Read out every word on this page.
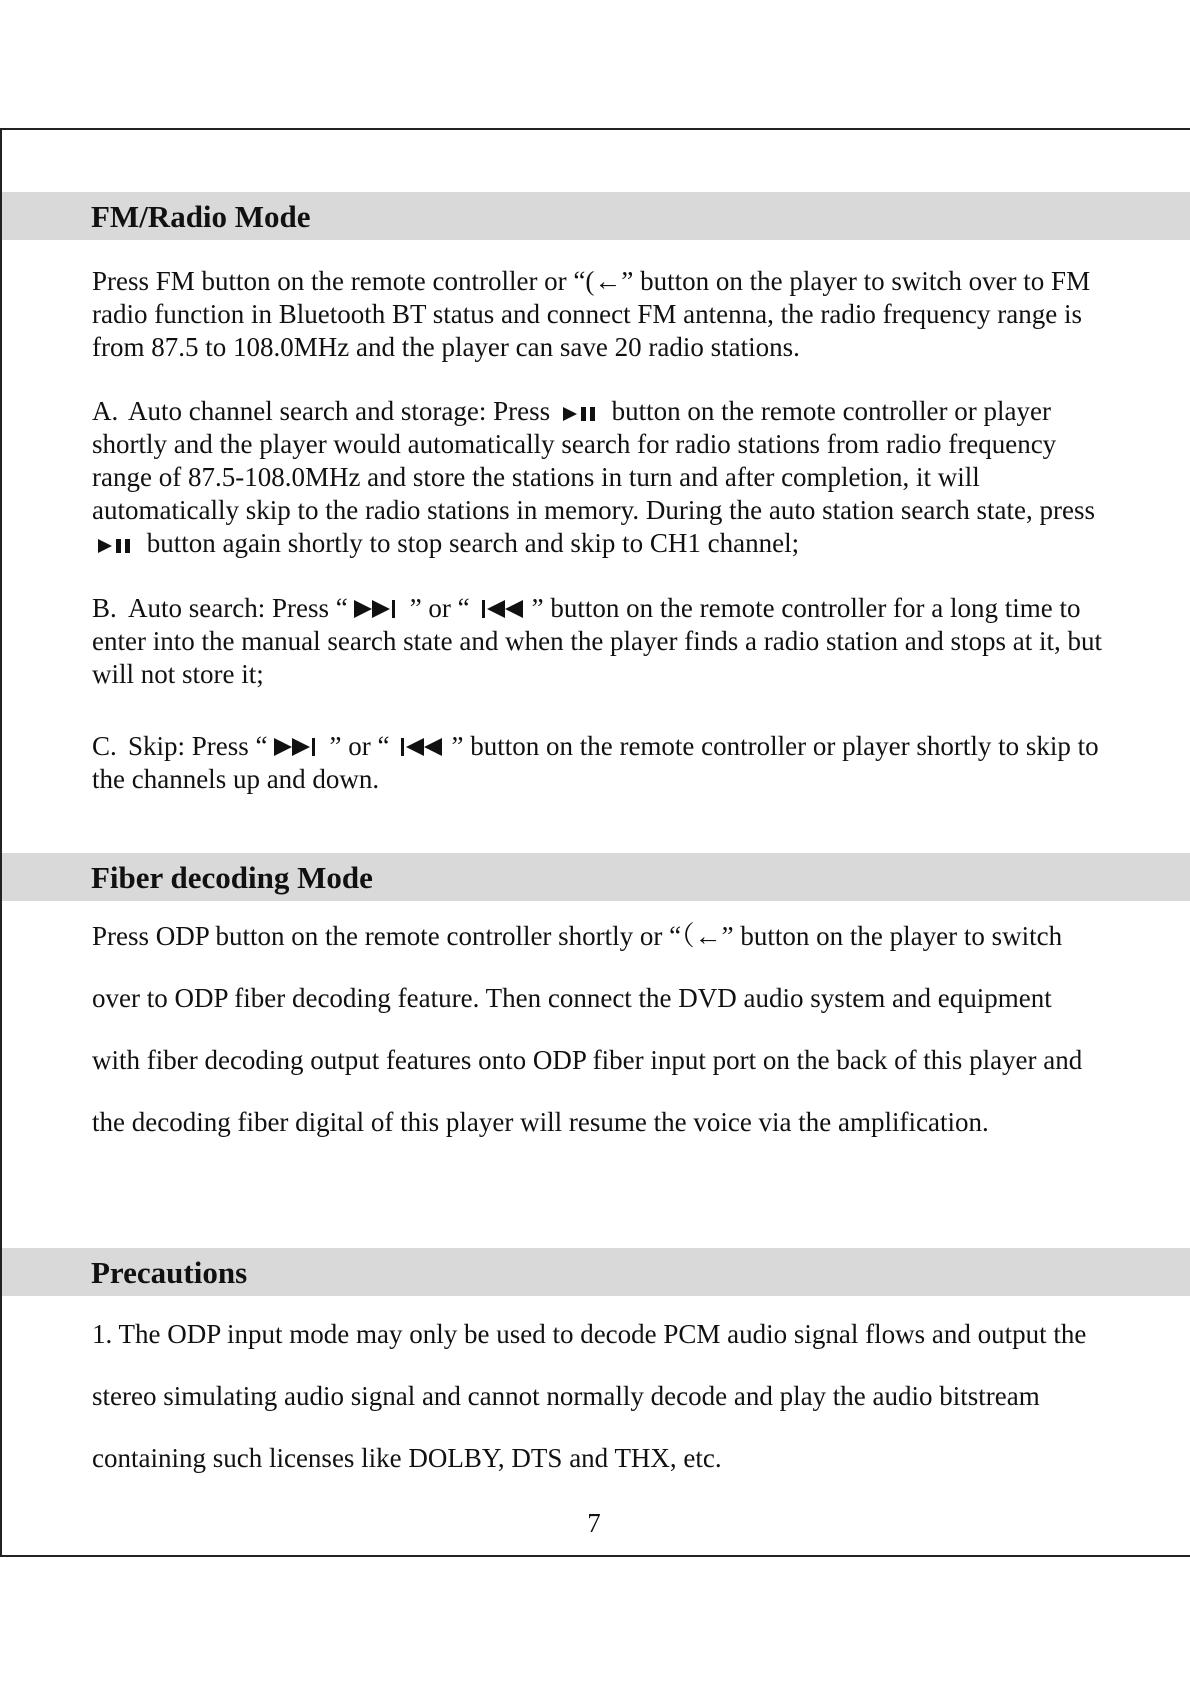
FM/Radio Mode

Press FM button on the remote controller or “(←” button on the player to switch over to FM radio function in Bluetooth BT status and connect FM antenna, the radio frequency range is from 87.5 to 108.0MHz and the player can save 20 radio stations.

A. Auto channel search and storage: Press button on the remote controller or player shortly and the player would automatically search for radio stations from radio frequency range of 87.5-108.0MHz and store the stations in turn and after completion, it will automatically skip to the radio stations in memory. During the auto station search state, press
button again shortly to stop search and skip to CH1 channel;
B. Auto search: Press “ ” or “ ” button on the remote controller for a long time to enter into the manual search state and when the player finds a radio station and stops at it, but will not store it;
C. Skip: Press “ ” or “ ” button on the remote controller or player shortly to skip to the channels up and down.
Fiber decoding Mode

Press ODP button on the remote controller shortly or “（←” button on the player to switch over to ODP fiber decoding feature. Then connect the DVD audio system and equipment with fiber decoding output features onto ODP fiber input port on the back of this player and the decoding fiber digital of this player will resume the voice via the amplification.

Precautions

1. The ODP input mode may only be used to decode PCM audio signal flows and output the stereo simulating audio signal and cannot normally decode and play the audio bitstream containing such licenses like DOLBY, DTS and THX, etc.

7
